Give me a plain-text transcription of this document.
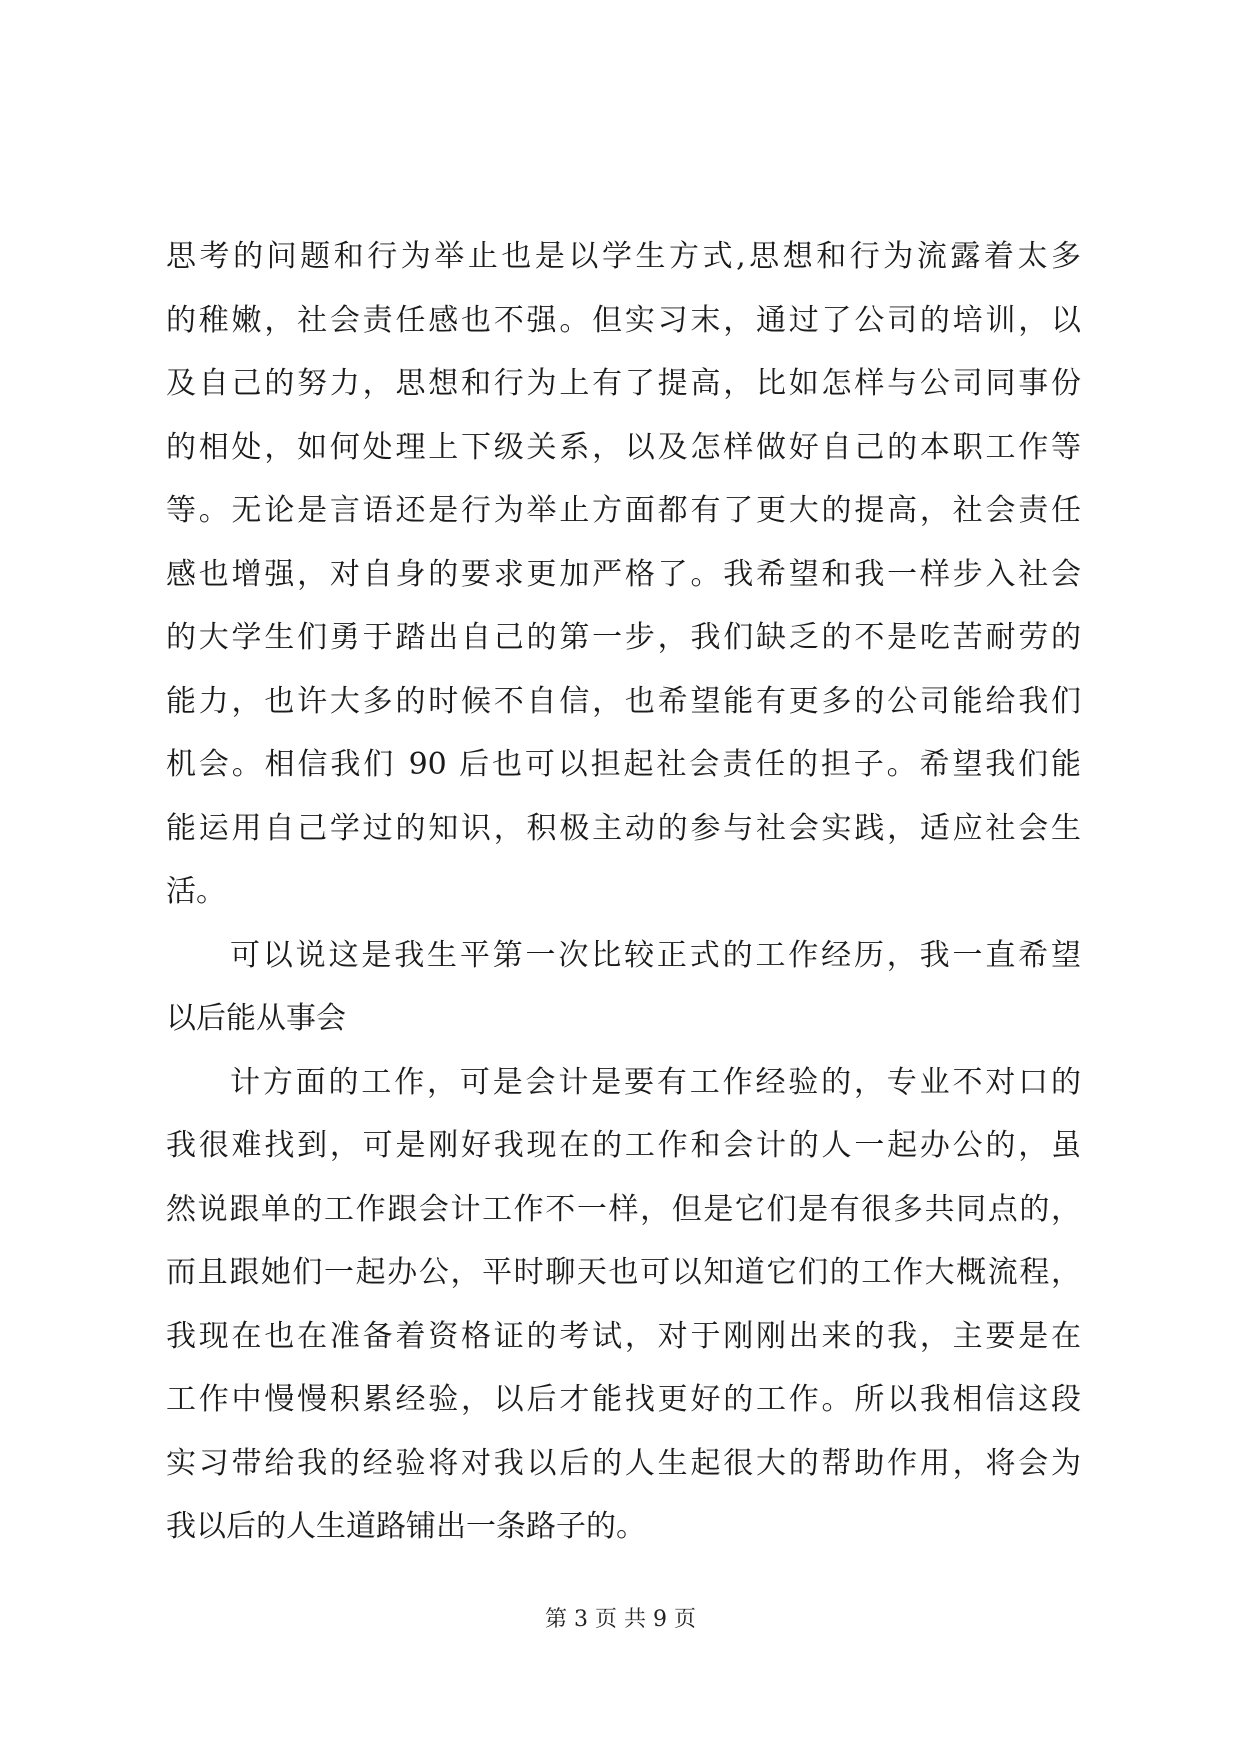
思考的问题和行为举止也是以学生方式,思想和行为流露着太多
的稚嫩，社会责任感也不强。但实习末，通过了公司的培训，以
及自己的努力，思想和行为上有了提高，比如怎样与公司同事份
的相处，如何处理上下级关系，以及怎样做好自己的本职工作等
等。无论是言语还是行为举止方面都有了更大的提高，社会责任
感也增强，对自身的要求更加严格了。我希望和我一样步入社会
的大学生们勇于踏出自己的第一步，我们缺乏的不是吃苦耐劳的
能力，也许大多的时候不自信，也希望能有更多的公司能给我们
机会。相信我们 90 后也可以担起社会责任的担子。希望我们能
能运用自己学过的知识，积极主动的参与社会实践，适应社会生
活。
可以说这是我生平第一次比较正式的工作经历，我一直希望
以后能从事会
计方面的工作，可是会计是要有工作经验的，专业不对口的
我很难找到，可是刚好我现在的工作和会计的人一起办公的，虽
然说跟单的工作跟会计工作不一样，但是它们是有很多共同点的，
而且跟她们一起办公，平时聊天也可以知道它们的工作大概流程，
我现在也在准备着资格证的考试，对于刚刚出来的我，主要是在
工作中慢慢积累经验，以后才能找更好的工作。所以我相信这段
实习带给我的经验将对我以后的人生起很大的帮助作用，将会为
我以后的人生道路铺出一条路子的。
第 3 页 共 9 页
